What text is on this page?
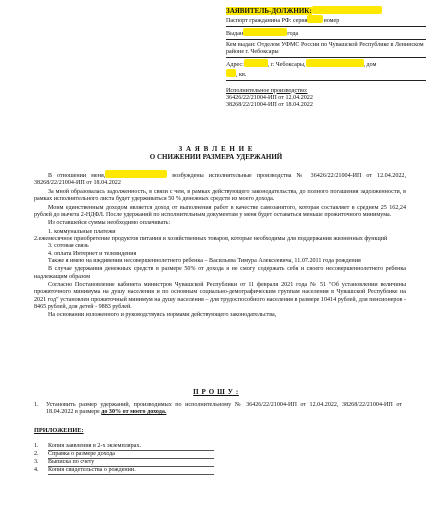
ЗАЯВИТЕЛЬ-ДОЛЖНИК:
Паспорт гражданина РФ: серия	номер
Выдан	года
Кем выдан: Отделом УФМС России по Чувашской Республике в Ленинском районе г. Чебоксары
Адрес:	, г. Чебоксары,	, дом
, кв.
Исполнительное производство:
36426/22/21004-ИП от 12.04.2022
38268/22/21004-ИП от 18.04.2022
З А Я В Л Е Н И Е
О СНИЖЕНИИ РАЗМЕРА УДЕРЖАНИЙ

В отношении меня,	возбуждены исполнительные производства № 36426/22/21004-ИП от 12.04.2022, 38268/22/21004-ИП от 18.04.2022

За мной образовалась задолженность, в связи с чем, в рамках действующего законодательства, до полного погашения задолженности, в рамках исполнительного листа будет удерживаться 50 % денежных средств из моего дохода.

Моим единственным доходом является доход от выполнения работ в качестве самозанятого, которая составляет в среднем 25 162,24 рублей до вычета 2-НДФЛ. После удержаний по исполнительным документам у меня будет оставаться меньше прожиточного минимума.

Из оставшейся суммы необходимо оплачивать:

1. коммунальные платежи

2.ежемесячное приобретение продуктов питания и хозяйственных товаров, которые необходимы для поддержания жизненных функций

3. сотовая связь

4. оплата Интернет и телевидения

Также я имею на иждивении несовершеннолетнего ребенка – Васильева Тимура Алексеевича, 11.07.2011 года рождения

В случае удержания денежных средств в размере 50% от дохода я не смогу содержать себя и своего несовершеннолетнего ребенка надлежащим образом

Согласно Постановление кабинета министров Чувашской Республики от 11 февраля 2021 года № 51 "Об установлении величины прожиточного минимума на душу населения и по основным социально-демографическим группам населения в Чувашской Республике на 2021 год" установлен прожиточный минимум на душу населения – для трудоспособного населения в размере 10414 рублей, для пенсионеров - 8465 рублей, для детей - 9883 рублей.

На основании изложенного и руководствуясь нормами действующего законодательства,

П Р О Ш У :
1. Установить размер удержаний, производимых по исполнительному № 36426/22/21004-ИП от 12.04.2022, 38268/22/21004-ИП от 18.04.2022 в размере до 30% от моего дохода.
ПРИЛОЖЕНИЕ:
1. Копия заявления в 2-х экземплярах.
2. Справка о размере дохода
3. Выписка по счету
4. Копия свидетельства о рождении.
